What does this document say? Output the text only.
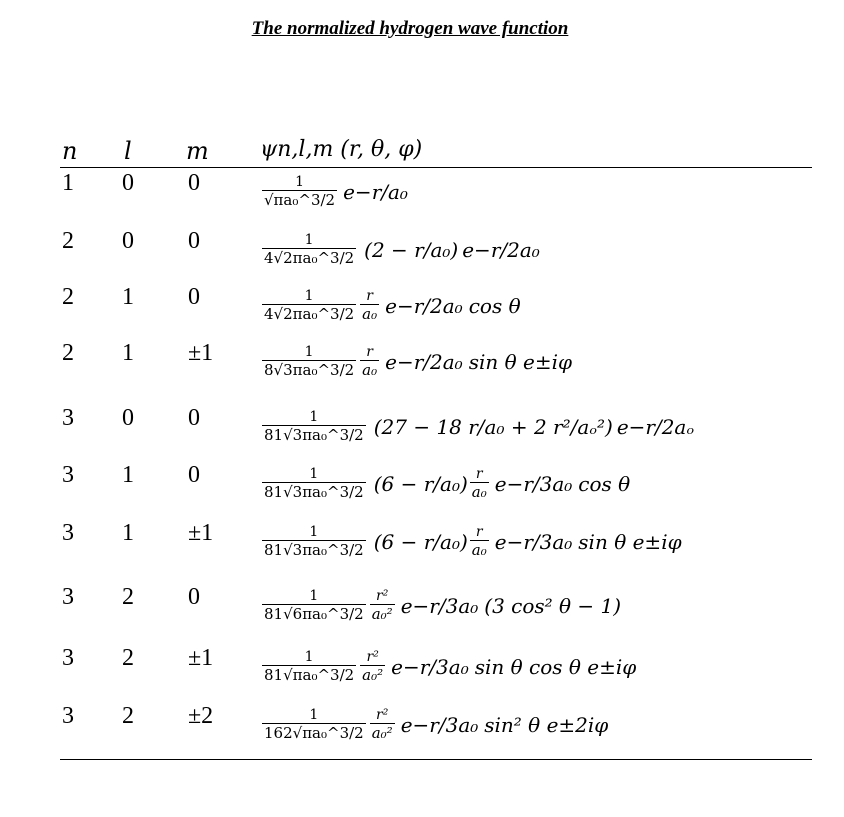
The normalized hydrogen wave function
n l m ψn,l,m (r, θ, φ)
1 0 0	$\frac{1}{\text{√πa₀\textasciicircum{}3/2}} e-r/a_0$
2 0 0	$\frac{1}{\text{4√2πa₀\textasciicircum{}3/2}} (2 - r/a_0)$ e−r/2a₀
2 1 0	$\frac{1}{\text{4√2πa₀\textasciicircum{}3/2}} \frac{r}{\text{a₀}} e-r/2a_0$ cos θ
2 1 ±1	$\frac{1}{\text{8√3πa₀\textasciicircum{}3/2}} \frac{r}{\text{a₀}} e-r/2a_0$ sin θ e±iφ
3 0 0	$\frac{1}{\text{81√3πa₀\textasciicircum{}3/2}} (27 - 18$ r/a₀ + 2 r²/aₒ²) e−r/2aₒ
3 1 0	$\frac{1}{\text{81√3πa₀\textasciicircum{}3/2}} (6 - r/a_0) \frac{r}{\text{a₀}} e-r/3a_0$ cos θ
3 1 ±1	$\frac{1}{\text{81√3πa₀\textasciicircum{}3/2}} (6 - r/a_0) \frac{r}{\text{a₀}} e-r/3a_0$ sin θ e±iφ
3 2 0	$\frac{1}{\text{81√6πa₀\textasciicircum{}3/2}} \frac{\text{r²}}{\text{a₀²}} e-r/3a_0$ (3 cos² θ − 1)
3 2 ±1	$\frac{1}{\text{81√πa₀\textasciicircum{}3/2}} \frac{\text{r²}}{\text{a₀²}} e-r/3a_0$ sin θ cos θ e±iφ
3 2 ±2	$\frac{1}{\text{162√πa₀\textasciicircum{}3/2}} \frac{\text{r²}}{\text{a₀²}} e-r/3a_0$ sin² θ e±2iφ
